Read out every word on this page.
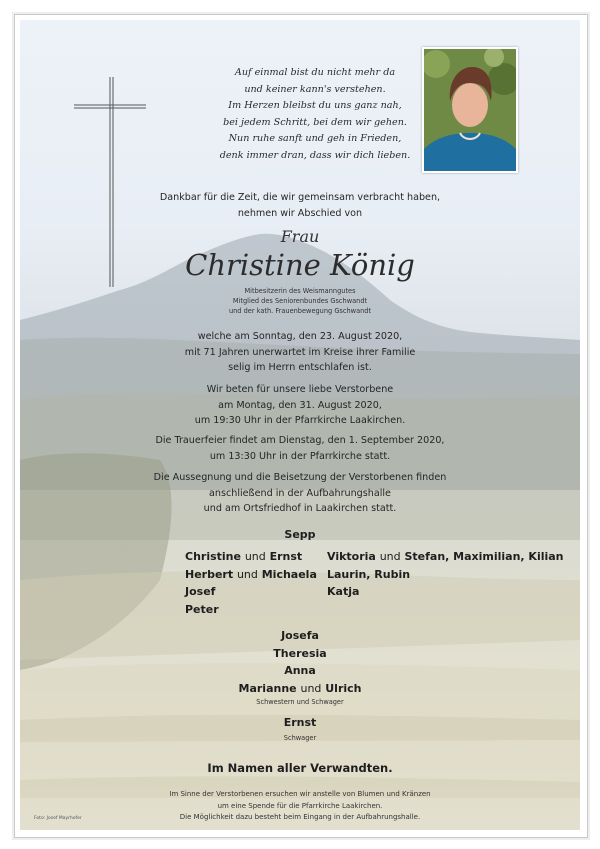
Auf einmal bist du nicht mehr da
und keiner kann's verstehen.
Im Herzen bleibst du uns ganz nah,
bei jedem Schritt, bei dem wir gehen.
Nun ruhe sanft und geh in Frieden,
denk immer dran, dass wir dich lieben.
Dankbar für die Zeit, die wir gemeinsam verbracht haben,
nehmen wir Abschied von
Frau
Christine König
Mitbesitzerin des Weismanngutes
Mitglied des Seniorenbundes Gschwandt
und der kath. Frauenbewegung Gschwandt
welche am Sonntag, den 23. August 2020,
mit 71 Jahren unerwartet im Kreise ihrer Familie
selig im Herrn entschlafen ist.
Wir beten für unsere liebe Verstorbene
am Montag, den 31. August 2020,
um 19:30 Uhr in der Pfarrkirche Laakirchen.
Die Trauerfeier findet am Dienstag, den 1. September 2020,
um 13:30 Uhr in der Pfarrkirche statt.
Die Aussegnung und die Beisetzung der Verstorbenen finden
anschließend in der Aufbahrungshalle
und am Ortsfriedhof in Laakirchen statt.
Sepp
Christine und Ernst
Herbert und Michaela
Josef
Peter
Viktoria und Stefan, Maximilian, Kilian
Laurin, Rubin
Katja
Josefa
Theresia
Anna
Marianne und Ulrich
Schwestern und Schwager
Ernst
Schwager
Im Namen aller Verwandten.
Im Sinne der Verstorbenen ersuchen wir anstelle von Blumen und Kränzen
um eine Spende für die Pfarrkirche Laakirchen.
Die Möglichkeit dazu besteht beim Eingang in der Aufbahrungshalle.
Foto: Josef Mayrhofer
